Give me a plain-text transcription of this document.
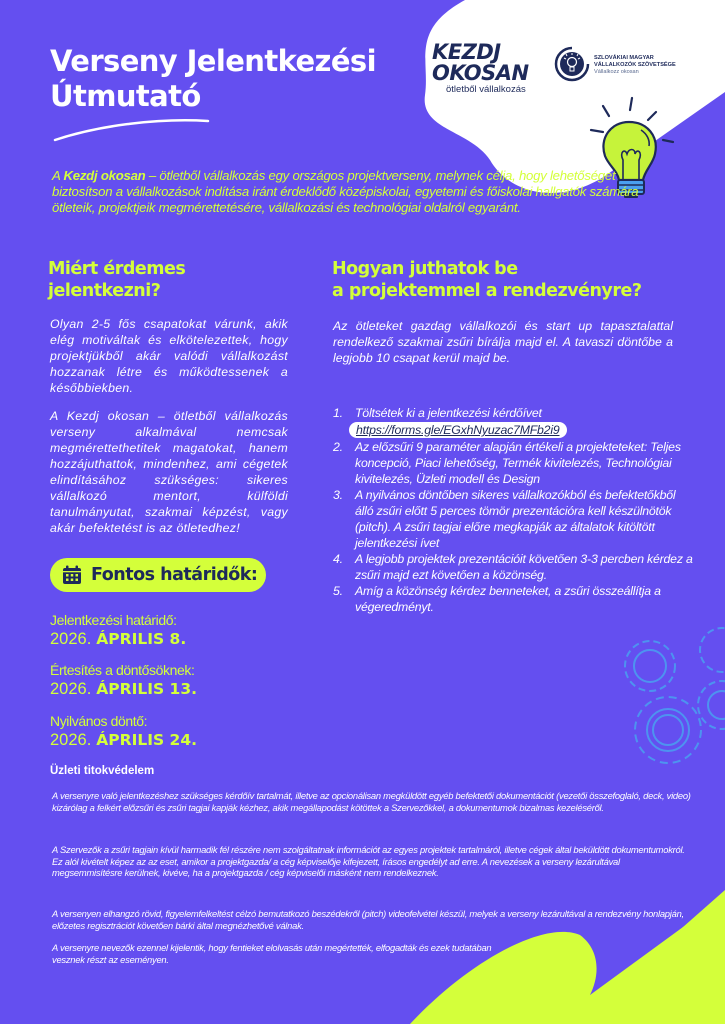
Verseny Jelentkezési
Útmutató
KEZDJ
OKOSAN
ötletből vállalkozás
SZLOVÁKIAI MAGYAR
VÁLLALKOZÓK SZÖVETSÉGE
Vállalkozz okosan

A Kezdj okosan – ötletből vállalkozás egy országos projektverseny, melynek célja, hogy lehetőséget biztosítson a vállalkozások indítása iránt érdeklődő középiskolai, egyetemi és főiskolai hallgatók számára ötleteik, projektjeik megmérettetésére, vállalkozási és technológiai oldalról egyaránt.

Miért érdemes
jelentkezni?

Olyan 2-5 fős csapatokat várunk, akik elég motiváltak és elkötelezettek, hogy projektjükből akár valódi vállalkozást hozzanak létre és működtessenek a későbbiekben.

A Kezdj okosan – ötletből vállalkozás verseny alkalmával nemcsak megmérettethetitek magatokat, hanem hozzájuthattok, mindenhez, ami cégetek elindításához szükséges: sikeres vállalkozó mentort, külföldi tanulmányutat, szakmai képzést, vagy akár befektetést is az ötletedhez!

Hogyan juthatok be
a projektemmel a rendezvényre?

Az ötleteket gazdag vállalkozói és start up tapasztalattal rendelkező szakmai zsűri bírálja majd el. A tavaszi döntőbe a legjobb 10 csapat kerül majd be.

1. Töltsétek ki a jelentkezési kérdőívet
https://forms.gle/EGxhNyuzac7MFb2i9
2. Az előzsűri 9 paraméter alapján értékeli a projekteteket: Teljes koncepció, Piaci lehetőség, Termék kivitelezés, Technológiai kivitelezés, Üzleti modell és Design
3. A nyilvános döntőben sikeres vállalkozókból és befektetőkből álló zsűri előtt 5 perces tömör prezentációra kell készülnötök (pitch). A zsűri tagjai előre megkapják az általatok kitöltött jelentkezési ívet
4. A legjobb projektek prezentációit követően 3-3 percben kérdez a zsűri majd ezt követően a közönség.
5. Amíg a közönség kérdez benneteket, a zsűri összeállítja a végeredményt.
Fontos határidők:
Jelentkezési határidő:
2026. ÁPRILIS 8.
Értesítés a döntősöknek:
2026. ÁPRILIS 13.
Nyilvános döntő:
2026. ÁPRILIS 24.
Üzleti titokvédelem

A versenyre való jelentkezéshez szükséges kérdőív tartalmát, illetve az opcionálisan megküldött egyéb befektetői dokumentációt (vezetői összefoglaló, deck, video) kizárólag a felkért előzsűri és zsűri tagjai kapják kézhez, akik megállapodást kötöttek a Szervezőkkel, a dokumentumok bizalmas kezeléséről.

A Szervezők a zsűri tagjain kívül harmadik fél részére nem szolgáltatnak információt az egyes projektek tartalmáról, illetve cégek által beküldött dokumentumokról. Ez alól kivételt képez az az eset, amikor a projektgazda/ a cég képviselője kifejezett, írásos engedélyt ad erre. A nevezések a verseny lezárultával megsemmisítésre kerülnek, kivéve, ha a projektgazda / cég képviselői másként nem rendelkeznek.

A versenyen elhangzó rövid, figyelemfelkeltést célzó bemutatkozó beszédekről (pitch) videofelvétel készül, melyek a verseny lezárultával a rendezvény honlapján, előzetes regisztrációt követően bárki által megnézhetővé válnak.

A versenyre nevezők ezennel kijelentik, hogy fentieket elolvasás után megértették, elfogadták és ezek tudatában vesznek részt az eseményen.
